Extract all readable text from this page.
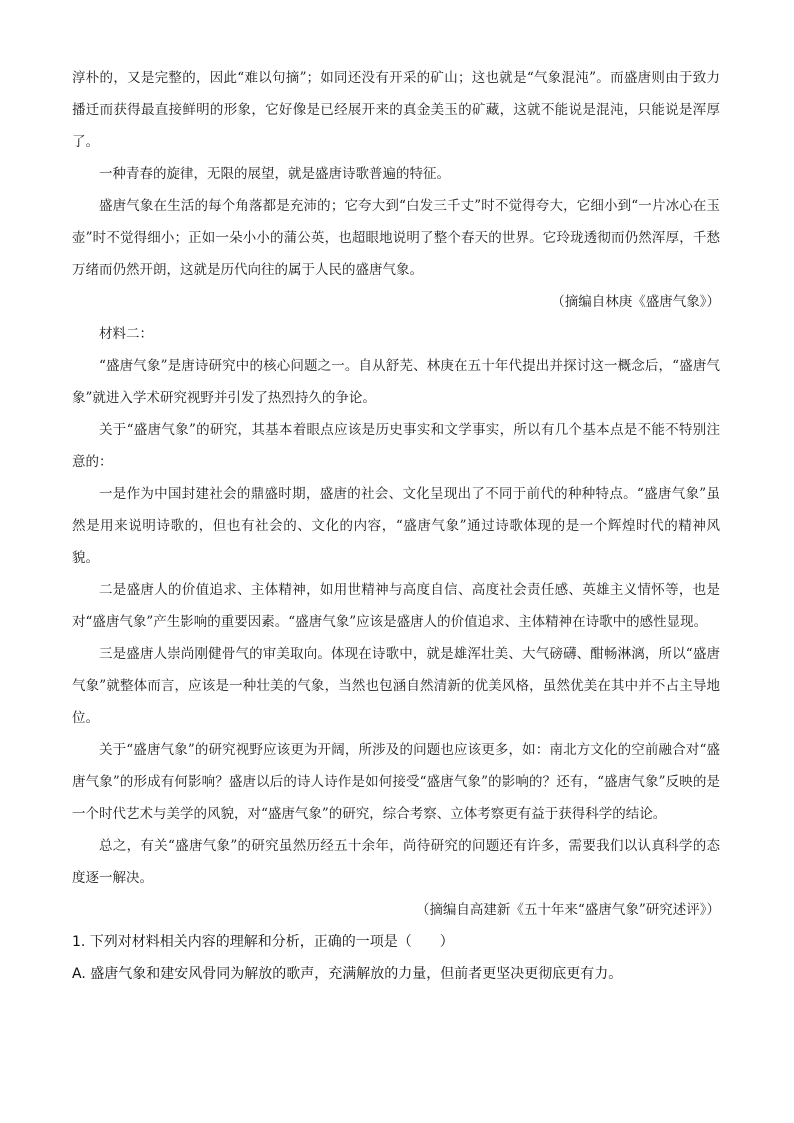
淳朴的，又是完整的，因此“难以句摘”；如同还没有开采的矿山；这也就是“气象混沌”。而盛唐则由于致力播迁而获得最直接鲜明的形象，它好像是已经展开来的真金美玉的矿藏，这就不能说是混沌，只能说是浑厚了。

一种青春的旋律，无限的展望，就是盛唐诗歌普遍的特征。

盛唐气象在生活的每个角落都是充沛的；它夸大到“白发三千丈”时不觉得夸大，它细小到“一片冰心在玉壶”时不觉得细小；正如一朵小小的蒲公英，也超眼地说明了整个春天的世界。它玲珑透彻而仍然浑厚，千愁万绪而仍然开朗，这就是历代向往的属于人民的盛唐气象。

（摘编自林庚《盛唐气象》）

材料二：

“盛唐气象”是唐诗研究中的核心问题之一。自从舒芜、林庚在五十年代提出并探讨这一概念后，“盛唐气象”就进入学术研究视野并引发了热烈持久的争论。

关于“盛唐气象”的研究，其基本着眼点应该是历史事实和文学事实，所以有几个基本点是不能不特别注意的：

一是作为中国封建社会的鼎盛时期，盛唐的社会、文化呈现出了不同于前代的种种特点。“盛唐气象”虽然是用来说明诗歌的，但也有社会的、文化的内容，“盛唐气象”通过诗歌体现的是一个辉煌时代的精神风貌。

二是盛唐人的价值追求、主体精神，如用世精神与高度自信、高度社会责任感、英雄主义情怀等，也是对“盛唐气象”产生影响的重要因素。“盛唐气象”应该是盛唐人的价值追求、主体精神在诗歌中的感性显现。

三是盛唐人崇尚刚健骨气的审美取向。体现在诗歌中，就是雄浑壮美、大气磅礴、酣畅淋漓，所以“盛唐气象”就整体而言，应该是一种壮美的气象，当然也包涵自然清新的优美风格，虽然优美在其中并不占主导地位。

关于“盛唐气象”的研究视野应该更为开阔，所涉及的问题也应该更多，如：南北方文化的空前融合对“盛唐气象”的形成有何影响？盛唐以后的诗人诗作是如何接受“盛唐气象”的影响的？还有，“盛唐气象”反映的是一个时代艺术与美学的风貌，对“盛唐气象”的研究，综合考察、立体考察更有益于获得科学的结论。

总之，有关“盛唐气象”的研究虽然历经五十余年，尚待研究的问题还有许多，需要我们以认真科学的态度逐一解决。

（摘编自高建新《五十年来“盛唐气象”研究述评》）

1. 下列对材料相关内容的理解和分析，正确的一项是（　　）

A. 盛唐气象和建安风骨同为解放的歌声，充满解放的力量，但前者更坚决更彻底更有力。
